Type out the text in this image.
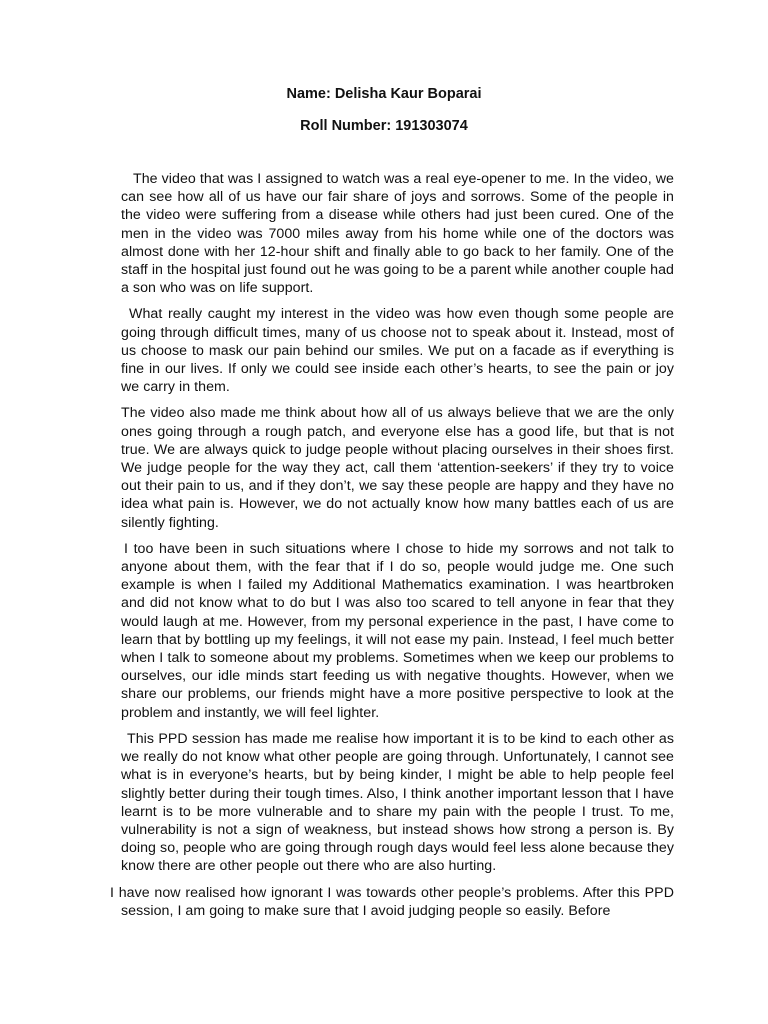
Name: Delisha Kaur Boparai
Roll Number: 191303074

The video that was I assigned to watch was a real eye-opener to me. In the video, we can see how all of us have our fair share of joys and sorrows. Some of the people in the video were suffering from a disease while others had just been cured. One of the men in the video was 7000 miles away from his home while one of the doctors was almost done with her 12-hour shift and finally able to go back to her family. One of the staff in the hospital just found out he was going to be a parent while another couple had a son who was on life support.

What really caught my interest in the video was how even though some people are going through difficult times, many of us choose not to speak about it. Instead, most of us choose to mask our pain behind our smiles. We put on a facade as if everything is fine in our lives. If only we could see inside each other’s hearts, to see the pain or joy we carry in them.

The video also made me think about how all of us always believe that we are the only ones going through a rough patch, and everyone else has a good life, but that is not true. We are always quick to judge people without placing ourselves in their shoes first. We judge people for the way they act, call them ‘attention-seekers’ if they try to voice out their pain to us, and if they don’t, we say these people are happy and they have no idea what pain is. However, we do not actually know how many battles each of us are silently fighting.

I too have been in such situations where I chose to hide my sorrows and not talk to anyone about them, with the fear that if I do so, people would judge me. One such example is when I failed my Additional Mathematics examination. I was heartbroken and did not know what to do but I was also too scared to tell anyone in fear that they would laugh at me. However, from my personal experience in the past, I have come to learn that by bottling up my feelings, it will not ease my pain. Instead, I feel much better when I talk to someone about my problems. Sometimes when we keep our problems to ourselves, our idle minds start feeding us with negative thoughts. However, when we share our problems, our friends might have a more positive perspective to look at the problem and instantly, we will feel lighter.

This PPD session has made me realise how important it is to be kind to each other as we really do not know what other people are going through. Unfortunately, I cannot see what is in everyone’s hearts, but by being kinder, I might be able to help people feel slightly better during their tough times. Also, I think another important lesson that I have learnt is to be more vulnerable and to share my pain with the people I trust. To me, vulnerability is not a sign of weakness, but instead shows how strong a person is. By doing so, people who are going through rough days would feel less alone because they know there are other people out there who are also hurting.

I have now realised how ignorant I was towards other people’s problems. After this PPD session, I am going to make sure that I avoid judging people so easily. Before
